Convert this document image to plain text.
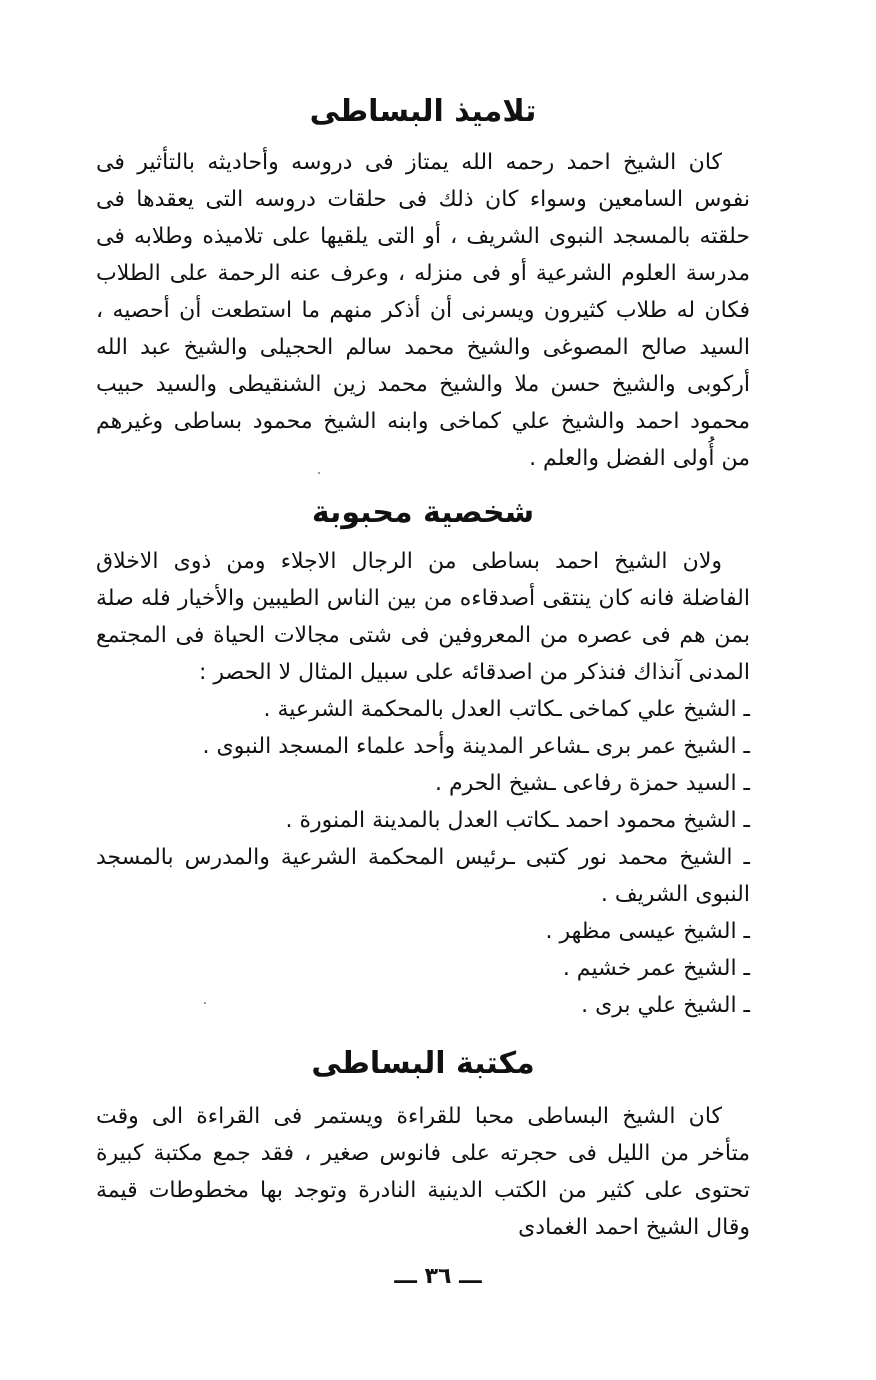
تلاميذ البساطى

كان الشيخ احمد رحمه الله يمتاز فى دروسه وأحاديثه بالتأثير فى نفوس السامعين وسواء كان ذلك فى حلقات دروسه التى يعقدها فى حلقته بالمسجد النبوى الشريف ، أو التى يلقيها على تلاميذه وطلابه فى مدرسة العلوم الشرعية أو فى منزله ، وعرف عنه الرحمة على الطلاب فكان له طلاب كثيرون ويسرنى أن أذكر منهم ما استطعت أن أحصيه ، السيد صالح المصوغى والشيخ محمد سالم الحجيلى والشيخ عبد الله أركوبى والشيخ حسن ملا والشيخ محمد زين الشنقيطى والسيد حبيب محمود احمد والشيخ علي كماخى وابنه الشيخ محمود بساطى وغيرهم من أُولى الفضل والعلم .

شخصية محبوبة

ولان الشيخ احمد بساطى من الرجال الاجلاء ومن ذوى الاخلاق الفاضلة فانه كان ينتقى أصدقاءه من بين الناس الطيبين والأخيار فله صلة بمن هم فى عصره من المعروفين فى شتى مجالات الحياة فى المجتمع المدنى آنذاك فنذكر من اصدقائه على سبيل المثال لا الحصر :

ـ الشيخ علي كماخى ـكاتب العدل بالمحكمة الشرعية .
ـ الشيخ عمر برى ـشاعر المدينة وأحد علماء المسجد النبوى .
ـ السيد حمزة رفاعى ـشيخ الحرم .
ـ الشيخ محمود احمد ـكاتب العدل بالمدينة المنورة .
ـ الشيخ محمد نور كتبى ـرئيس المحكمة الشرعية والمدرس بالمسجد النبوى الشريف .
ـ الشيخ عيسى مظهر .
ـ الشيخ عمر خشيم .
ـ الشيخ علي برى .
مكتبة البساطى

كان الشيخ البساطى محبا للقراءة ويستمر فى القراءة الى وقت متأخر من الليل فى حجرته على فانوس صغير ، فقد جمع مكتبة كبيرة تحتوى على كثير من الكتب الدينية النادرة وتوجد بها مخطوطات قيمة وقال الشيخ احمد الغمادى

ـــ ٣٦ ـــ
